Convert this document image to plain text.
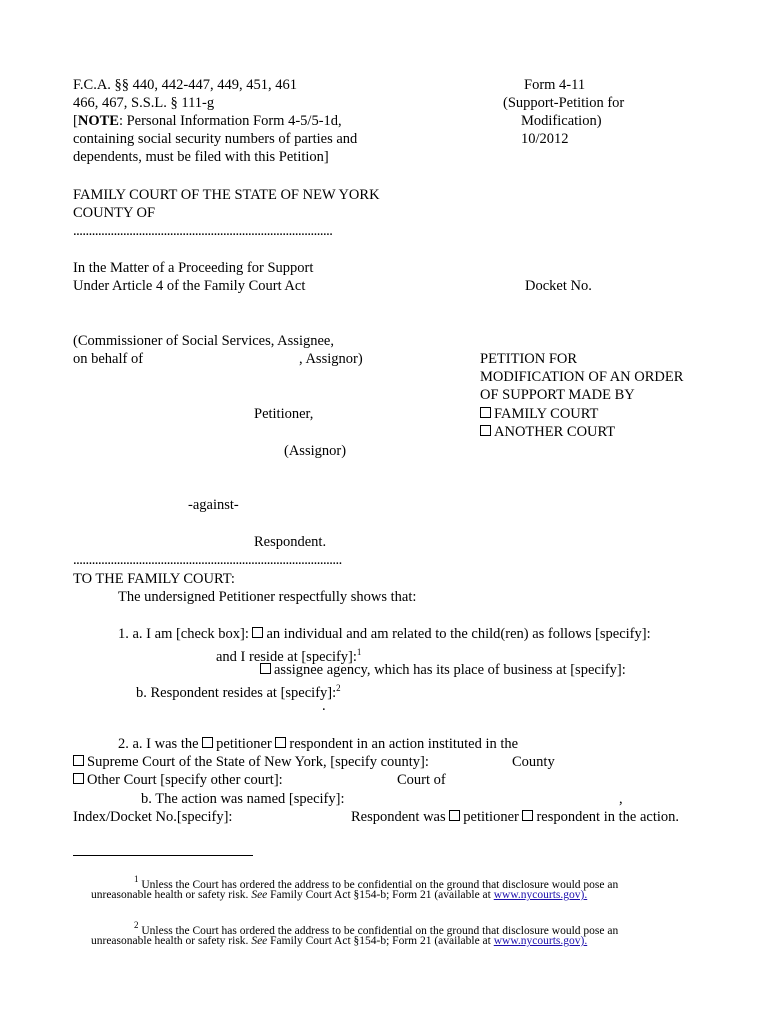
F.C.A. §§ 440, 442-447, 449, 451, 461
466, 467, S.S.L. § 111-g
[NOTE: Personal Information Form 4-5/5-1d,
containing social security numbers of parties and
dependents, must be filed with this Petition]
Form 4-11
(Support-Petition for
Modification)
10/2012
FAMILY COURT OF THE STATE OF NEW YORK
COUNTY OF
...................................................................................
In the Matter of a Proceeding for Support
Under Article 4 of the Family Court Act	Docket No.
(Commissioner of Social Services, Assignee,
on behalf of	, Assignor)	PETITION FOR
MODIFICATION OF AN ORDER
OF SUPPORT MADE BY
FAMILY COURT
ANOTHER COURT
Petitioner,
(Assignor)
-against-
Respondent.
......................................................................................
TO THE FAMILY COURT:
The undersigned Petitioner respectfully shows that:
1. a. I am [check box]: an individual and am related to the child(ren) as follows [specify]:
and I reside at [specify]:$^1$
assignee agency, which has its place of business at [specify]:
b. Respondent resides at [specify]:$^2$
.
2. a. I was the petitioner respondent in an action instituted in the
Supreme Court of the State of New York, [specify county]:	County
Other Court [specify other court]:	Court of
b. The action was named [specify]:	,
Index/Docket No.[specify]:	Respondent was petitioner respondent in the action.
$^1$ Unless the Court has ordered the address to be confidential on the ground that disclosure would pose an
unreasonable health or safety risk. See Family Court Act §154-b; Form 21 (available at www.nycourts.gov).
$^2$ Unless the Court has ordered the address to be confidential on the ground that disclosure would pose an
unreasonable health or safety risk. See Family Court Act §154-b; Form 21 (available at www.nycourts.gov).
